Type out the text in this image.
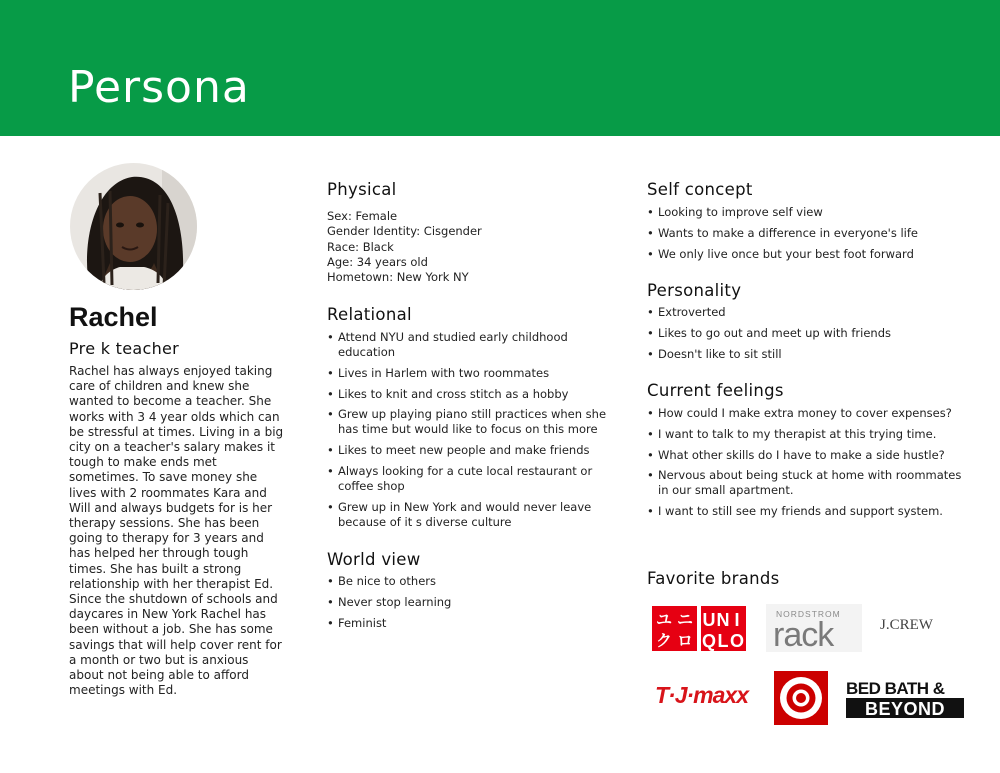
Persona
Rachel
Pre k teacher
Rachel has always enjoyed taking care of children and knew she wanted to become a teacher. She works with 3 4 year olds which can be stressful at times. Living in a big city on a teacher's salary makes it tough to make ends met sometimes. To save money she lives with 2 roommates Kara and Will and always budgets for is her therapy sessions. She has been going to therapy for 3 years and has helped her through tough times. She has built a strong relationship with her therapist Ed. Since the shutdown of schools and daycares in New York Rachel has been without a job. She has some savings that will help cover rent for a month or two but is anxious about not being able to afford meetings with Ed.
Physical
Sex: Female
Gender Identity: Cisgender
Race: Black
Age: 34 years old
Hometown: New York NY
Relational
• Attend NYU and studied early childhood education
• Lives in Harlem with two roommates
• Likes to knit and cross stitch as a hobby
• Grew up playing piano still practices when she has time but would like to focus on this more
• Likes to meet new people and make friends
• Always looking for a cute local restaurant or coffee shop
• Grew up in New York and would never leave because of it s diverse culture
World view
• Be nice to others
• Never stop learning
• Feminist
Self concept
• Looking to improve self view
• Wants to make a difference in everyone's life
• We only live once but your best foot forward
Personality
• Extroverted
• Likes to go out and meet up with friends
• Doesn't like to sit still
Current feelings
• How could I make extra money to cover expenses?
• I want to talk to my therapist at this trying time.
• What other skills do I have to make a side hustle?
• Nervous about being stuck at home with roommates in our small apartment.
• I want to still see my friends and support system.
Favorite brands
ユ ニ
ク ロ
U N I
Q L O
NORDSTROM
rack	J.CREW
T·J·maxx	BED BATH &
BEYOND
